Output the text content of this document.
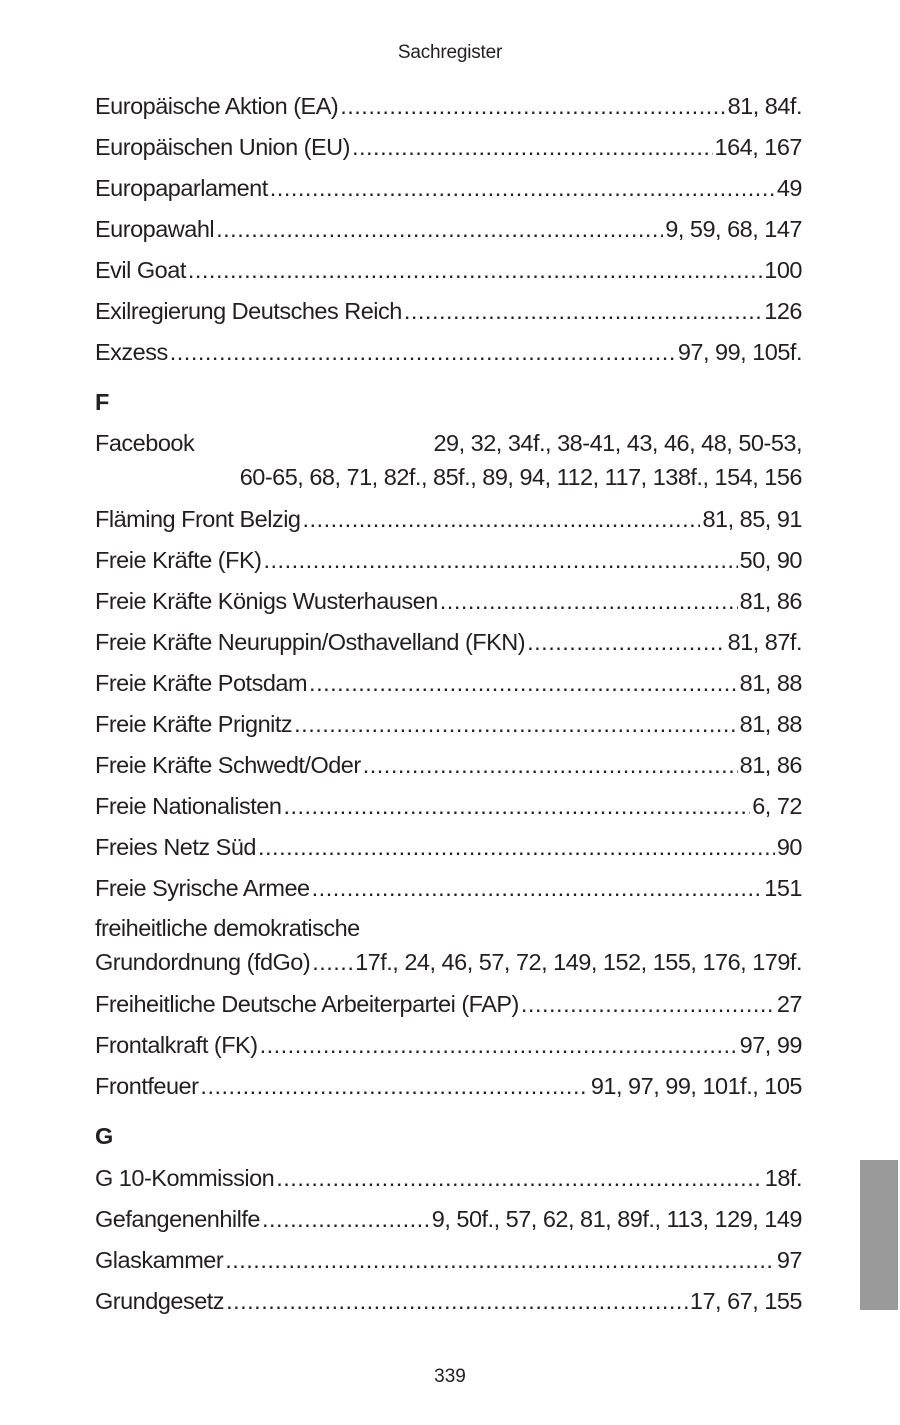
Sachregister
Europäische Aktion (EA) .....	81, 84f.
Europäischen Union (EU) .....	164, 167
Europaparlament .....	49
Europawahl .....	9, 59, 68, 147
Evil Goat .....	100
Exilregierung Deutsches Reich .....	126
Exzess .....	97, 99, 105f.
F
Facebook	29, 32, 34f., 38-41, 43, 46, 48, 50-53,
60-65, 68, 71, 82f., 85f., 89, 94, 112, 117, 138f., 154, 156
Fläming Front Belzig .....	81, 85, 91
Freie Kräfte (FK) .....	50, 90
Freie Kräfte Königs Wusterhausen .....	81, 86
Freie Kräfte Neuruppin/Osthavelland (FKN) .....	81, 87f.
Freie Kräfte Potsdam .....	81, 88
Freie Kräfte Prignitz .....	81, 88
Freie Kräfte Schwedt/Oder .....	81, 86
Freie Nationalisten .....	6, 72
Freies Netz Süd .....	90
Freie Syrische Armee .....	151
freiheitliche demokratische
Grundordnung (fdGo) ..... 17f., 24, 46, 57, 72, 149, 152, 155, 176, 179f.
Freiheitliche Deutsche Arbeiterpartei (FAP) .....	27
Frontalkraft (FK) .....	97, 99
Frontfeuer .....	91, 97, 99, 101f., 105
G
G 10-Kommission .....	18f.
Gefangenenhilfe .....	9, 50f., 57, 62, 81, 89f., 113, 129, 149
Glaskammer .....	97
Grundgesetz .....	17, 67, 155
339
